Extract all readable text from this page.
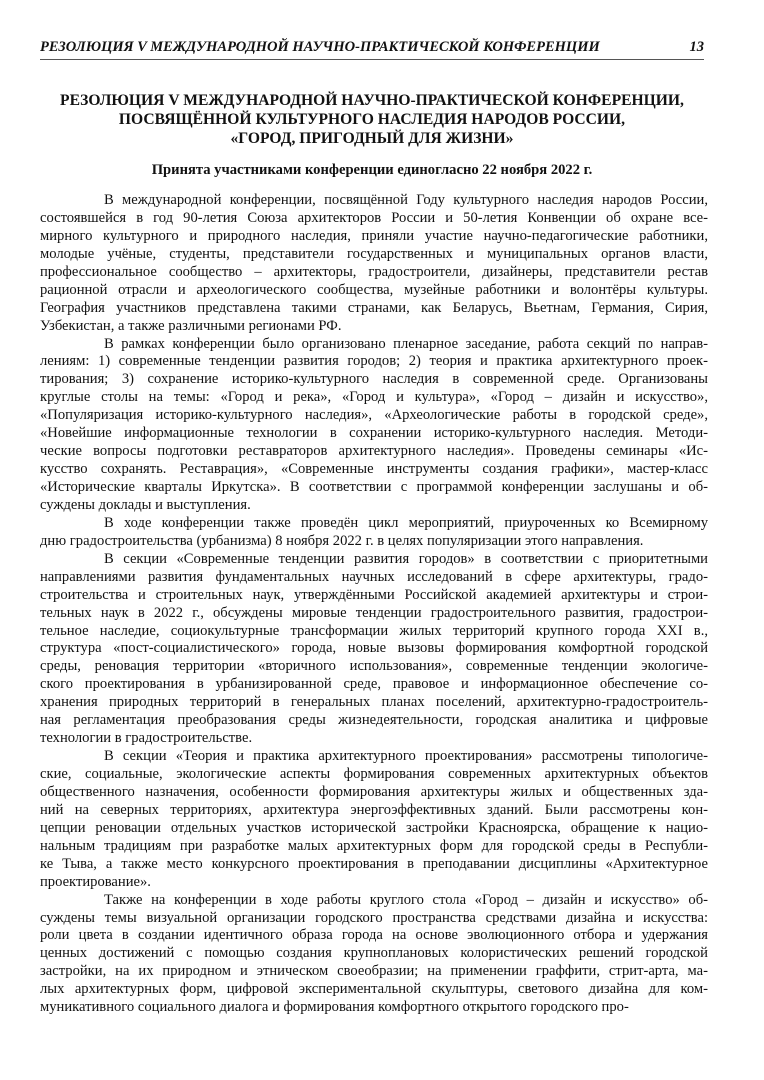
РЕЗОЛЮЦИЯ V МЕЖДУНАРОДНОЙ НАУЧНО-ПРАКТИЧЕСКОЙ КОНФЕРЕНЦИИ	13
РЕЗОЛЮЦИЯ V МЕЖДУНАРОДНОЙ НАУЧНО-ПРАКТИЧЕСКОЙ КОНФЕРЕНЦИИ,
ПОСВЯЩЁННОЙ КУЛЬТУРНОГО НАСЛЕДИЯ НАРОДОВ РОССИИ,
«ГОРОД, ПРИГОДНЫЙ ДЛЯ ЖИЗНИ»
Принята участниками конференции единогласно 22 ноября 2022 г.
В международной конференции, посвящённой Году культурного наследия народов России,
состоявшейся в год 90-летия Союза архитекторов России и 50-летия Конвенции об охране все-
мирного культурного и природного наследия, приняли участие научно-педагогические работники,
молодые учёные, студенты, представители государственных и муниципальных органов власти,
профессиональное сообщество – архитекторы, градостроители, дизайнеры, представители рестав
рационной отрасли и археологического сообщества, музейные работники и волонтёры культуры.
География участников представлена такими странами, как Беларусь, Вьетнам, Германия, Сирия,
Узбекистан, а также различными регионами РФ.
В рамках конференции было организовано пленарное заседание, работа секций по направ-
лениям: 1) современные тенденции развития городов; 2) теория и практика архитектурного проек-
тирования; 3) сохранение историко-культурного наследия в современной среде. Организованы
круглые столы на темы: «Город и река», «Город и культура», «Город – дизайн и искусство»,
«Популяризация историко-культурного наследия», «Археологические работы в городской среде»,
«Новейшие информационные технологии в сохранении историко-культурного наследия. Методи-
ческие вопросы подготовки реставраторов архитектурного наследия». Проведены семинары «Ис-
кусство сохранять. Реставрация», «Современные инструменты создания графики», мастер-класс
«Исторические кварталы Иркутска». В соответствии с программой конференции заслушаны и об-
суждены доклады и выступления.
В ходе конференции также проведён цикл мероприятий, приуроченных ко Всемирному
дню градостроительства (урбанизма) 8 ноября 2022 г. в целях популяризации этого направления.
В секции «Современные тенденции развития городов» в соответствии с приоритетными
направлениями развития фундаментальных научных исследований в сфере архитектуры, градо-
строительства и строительных наук, утверждёнными Российской академией архитектуры и строи-
тельных наук в 2022 г., обсуждены мировые тенденции градостроительного развития, градострои-
тельное наследие, социокультурные трансформации жилых территорий крупного города XXI в.,
структура «пост-социалистического» города, новые вызовы формирования комфортной городской
среды, реновация территории «вторичного использования», современные тенденции экологиче-
ского проектирования в урбанизированной среде, правовое и информационное обеспечение со-
хранения природных территорий в генеральных планах поселений, архитектурно-градостроитель-
ная регламентация преобразования среды жизнедеятельности, городская аналитика и цифровые
технологии в градостроительстве.
В секции «Теория и практика архитектурного проектирования» рассмотрены типологиче-
ские, социальные, экологические аспекты формирования современных архитектурных объектов
общественного назначения, особенности формирования архитектуры жилых и общественных зда-
ний на северных территориях, архитектура энергоэффективных зданий. Были рассмотрены кон-
цепции реновации отдельных участков исторической застройки Красноярска, обращение к нацио-
нальным традициям при разработке малых архитектурных форм для городской среды в Республи-
ке Тыва, а также место конкурсного проектирования в преподавании дисциплины «Архитектурное
проектирование».
Также на конференции в ходе работы круглого стола «Город – дизайн и искусство» об-
суждены темы визуальной организации городского пространства средствами дизайна и искусства:
роли цвета в создании идентичного образа города на основе эволюционного отбора и удержания
ценных достижений с помощью создания крупноплановых колористических решений городской
застройки, на их природном и этническом своеобразии; на применении граффити, стрит-арта, ма-
лых архитектурных форм, цифровой экспериментальной скульптуры, светового дизайна для ком-
муникативного социального диалога и формирования комфортного открытого городского про-
